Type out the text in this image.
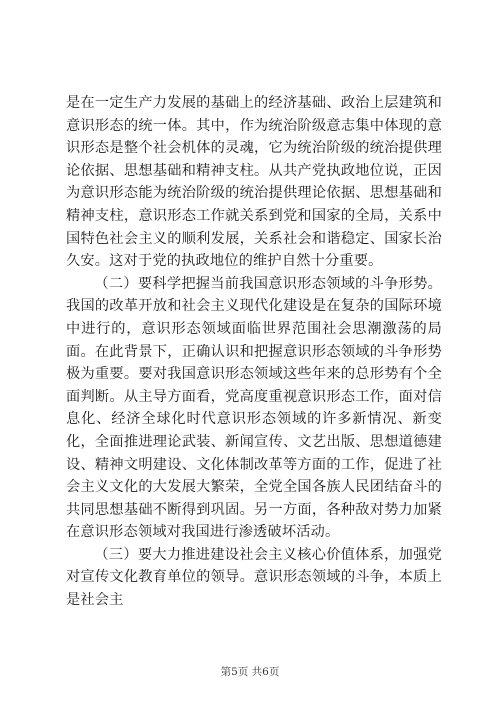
是在一定生产力发展的基础上的经济基础、政治上层建筑和意识形态的统一体。其中，作为统治阶级意志集中体现的意识形态是整个社会机体的灵魂，它为统治阶级的统治提供理论依据、思想基础和精神支柱。从共产党执政地位说，正因为意识形态能为统治阶级的统治提供理论依据、思想基础和精神支柱，意识形态工作就关系到党和国家的全局，关系中国特色社会主义的顺利发展，关系社会和谐稳定、国家长治久安。这对于党的执政地位的维护自然十分重要。

（二）要科学把握当前我国意识形态领域的斗争形势。我国的改革开放和社会主义现代化建设是在复杂的国际环境中进行的，意识形态领域面临世界范围社会思潮激荡的局面。在此背景下，正确认识和把握意识形态领域的斗争形势极为重要。要对我国意识形态领域这些年来的总形势有个全面判断。从主导方面看，党高度重视意识形态工作，面对信息化、经济全球化时代意识形态领域的许多新情况、新变化，全面推进理论武装、新闻宣传、文艺出版、思想道德建设、精神文明建设、文化体制改革等方面的工作，促进了社会主义文化的大发展大繁荣，全党全国各族人民团结奋斗的共同思想基础不断得到巩固。另一方面，各种敌对势力加紧在意识形态领域对我国进行渗透破坏活动。

（三）要大力推进建设社会主义核心价值体系，加强党对宣传文化教育单位的领导。意识形态领域的斗争，本质上是社会主

第5页 共6页
